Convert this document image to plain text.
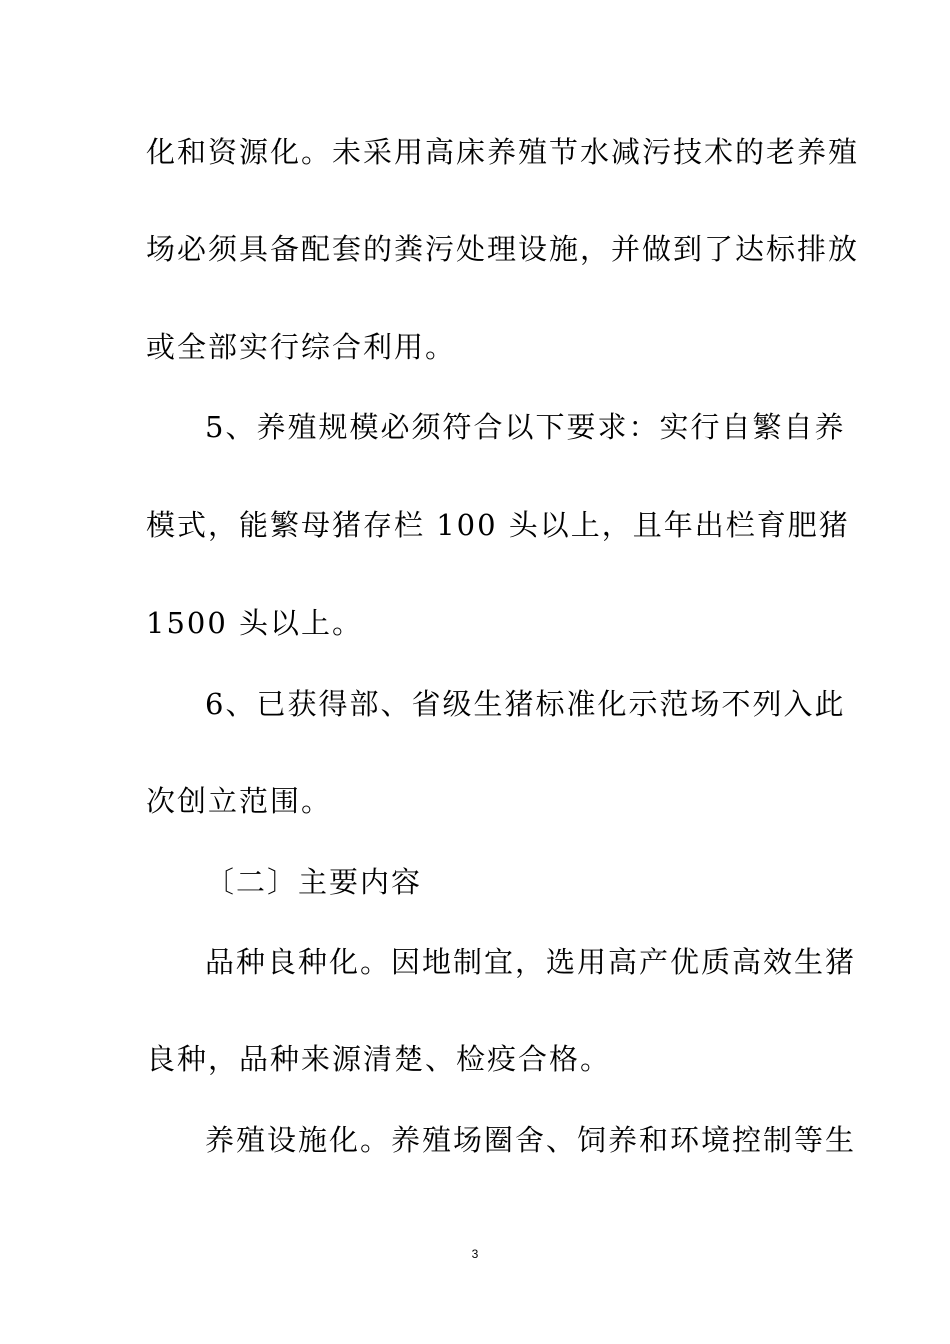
化和资源化。未采用高床养殖节水减污技术的老养殖
场必须具备配套的粪污处理设施，并做到了达标排放
或全部实行综合利用。
5、养殖规模必须符合以下要求：实行自繁自养
模式，能繁母猪存栏 100 头以上，且年出栏育肥猪
1500 头以上。
6、已获得部、省级生猪标准化示范场不列入此
次创立范围。
〔二〕主要内容
品种良种化。因地制宜，选用高产优质高效生猪
良种，品种来源清楚、检疫合格。
养殖设施化。养殖场圈舍、饲养和环境控制等生
3
